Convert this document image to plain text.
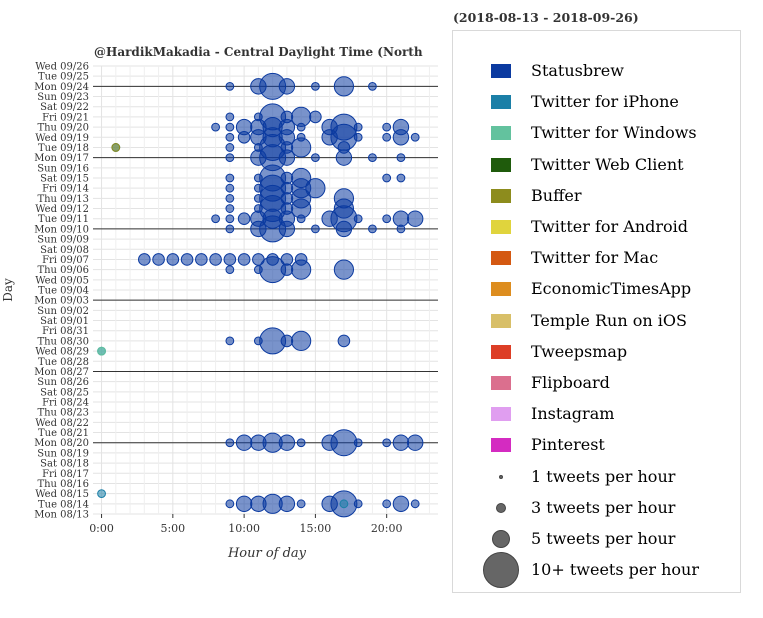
(2018-08-13 - 2018-09-26)
@HardikMakadia - Central Daylight Time (North
Mon 08/13
Tue 08/14
Wed 08/15
Thu 08/16
Fri 08/17
Sat 08/18
Sun 08/19
Mon 08/20
Tue 08/21
Wed 08/22
Thu 08/23
Fri 08/24
Sat 08/25
Sun 08/26
Mon 08/27
Tue 08/28
Wed 08/29
Thu 08/30
Fri 08/31
Sat 09/01
Sun 09/02
Mon 09/03
Tue 09/04
Wed 09/05
Thu 09/06
Fri 09/07
Sat 09/08
Sun 09/09
Mon 09/10
Tue 09/11
Wed 09/12
Thu 09/13
Fri 09/14
Sat 09/15
Sun 09/16
Mon 09/17
Tue 09/18
Wed 09/19
Thu 09/20
Fri 09/21
Sat 09/22
Sun 09/23
Mon 09/24
Tue 09/25
Wed 09/26
0:00	5:00	10:00	15:00	20:00
Hour of day
Day
Statusbrew
Twitter for iPhone
Twitter for Windows
Twitter Web Client
Buffer
Twitter for Android
Twitter for Mac
EconomicTimesApp
Temple Run on iOS
Tweepsmap
Flipboard
Instagram
Pinterest
1 tweets per hour
3 tweets per hour
5 tweets per hour
10+ tweets per hour
